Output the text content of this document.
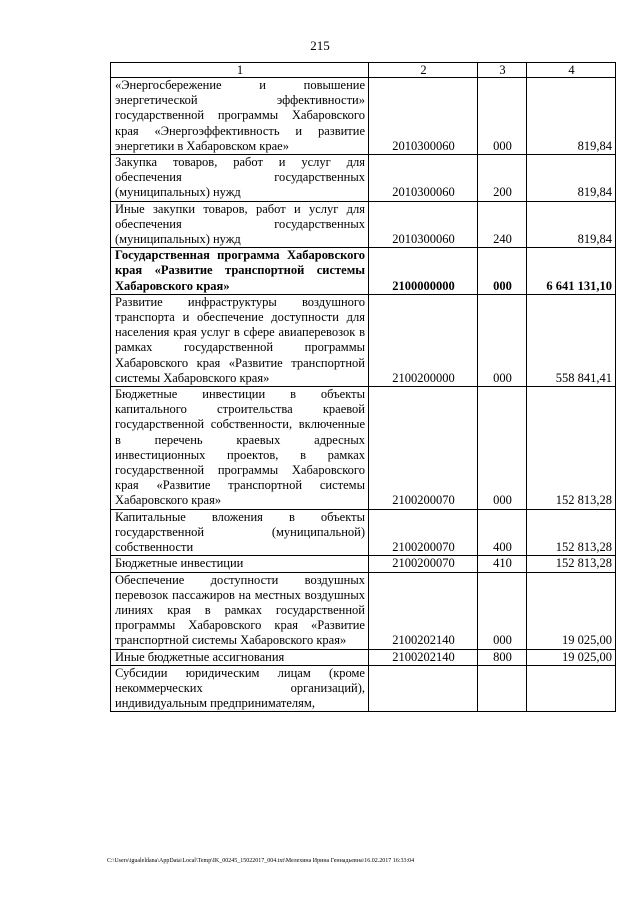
215
1	2	3	4
«Энергосбережение и повышение энергетической эффективности» государственной программы Хабаровского края «Энергоэффективность и развитие энергетики в Хабаровском крае»	2010300060	000	819,84
Закупка товаров, работ и услуг для обеспечения государственных (муниципальных) нужд	2010300060	200	819,84
Иные закупки товаров, работ и услуг для обеспечения государственных (муниципальных) нужд	2010300060	240	819,84
Государственная программа Хабаровского края «Развитие транспортной системы Хабаровского края»	2100000000	000	6 641 131,10
Развитие инфраструктуры воздушного транспорта и обеспечение доступности для населения края услуг в сфере авиаперевозок в рамках государственной программы Хабаровского края «Развитие транспортной системы Хабаровского края»	2100200000	000	558 841,41
Бюджетные инвестиции в объекты капитального строительства краевой государственной собственности, включенные в перечень краевых адресных инвестиционных проектов, в рамках государственной программы Хабаровского края «Развитие транспортной системы Хабаровского края»	2100200070	000	152 813,28
Капитальные вложения в объекты государственной (муниципальной) собственности	2100200070	400	152 813,28
Бюджетные инвестиции	2100200070	410	152 813,28
Обеспечение доступности воздушных перевозок пассажиров на местных воздушных линиях края в рамках государственной программы Хабаровского края «Развитие транспортной системы Хабаровского края»	2100202140	000	19 025,00
Иные бюджетные ассигнования	2100202140	800	19 025,00
Субсидии юридическим лицам (кроме некоммерческих организаций), индивидуальным предпринимателям,			
C:\Users\igualeldana\AppData\Local\Temp\IK_00245_15022017_004.txt\Мелехина Ирина Геннадьевна\16.02.2017 16:33:04
